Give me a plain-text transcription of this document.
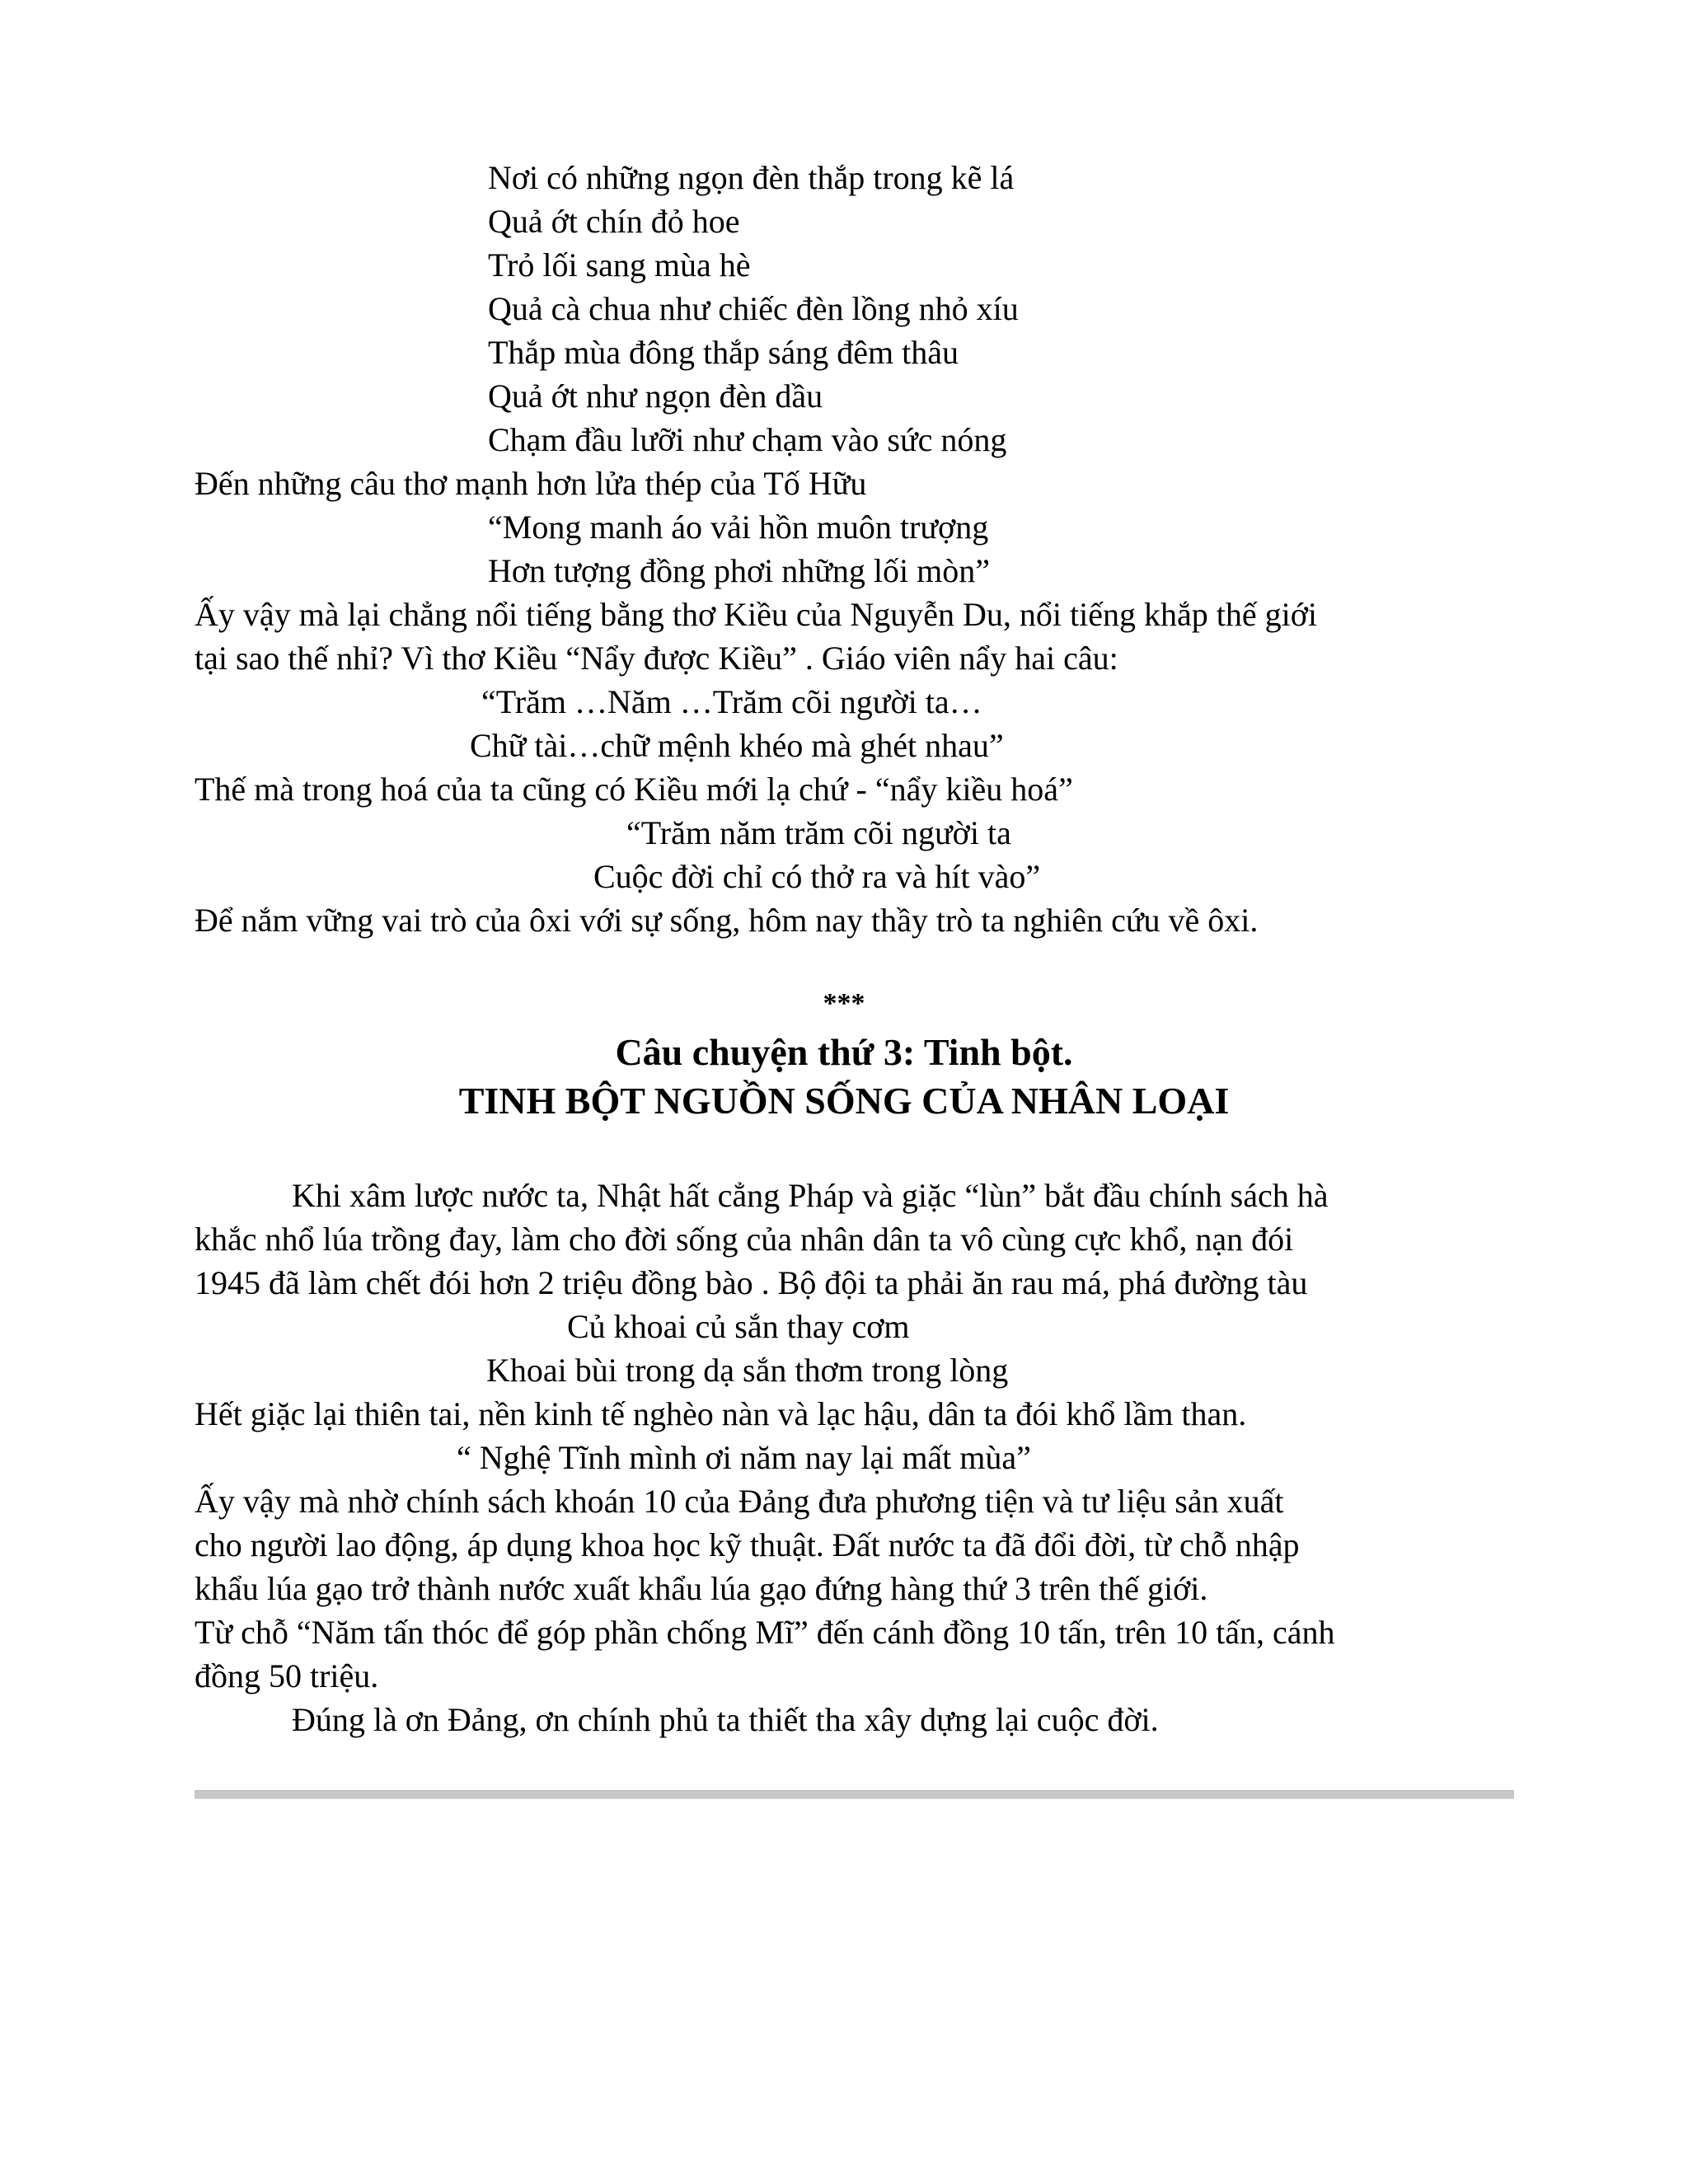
Nơi có những ngọn đèn thắp trong kẽ lá
Quả ớt chín đỏ hoe
Trỏ lối sang mùa hè
Quả cà chua như chiếc đèn lồng nhỏ xíu
Thắp mùa đông thắp sáng đêm thâu
Quả ớt như ngọn đèn dầu
Chạm đầu lưỡi như chạm vào sức nóng
Đến những câu thơ mạnh hơn lửa thép của Tố Hữu
“Mong manh áo vải hồn muôn trượng
Hơn tượng đồng phơi những lối mòn”
Ấy vậy mà lại chẳng nổi tiếng bằng thơ Kiều của Nguyễn Du, nổi tiếng khắp thế giới
tại sao thế nhỉ? Vì thơ Kiều “Nẩy được Kiều” . Giáo viên nẩy hai câu:
“Trăm …Năm …Trăm cõi người ta…
Chữ tài…chữ mệnh khéo mà ghét nhau”
Thế mà trong hoá của ta cũng có Kiều mới lạ chứ - “nẩy kiều hoá”
“Trăm năm trăm cõi người ta
Cuộc đời chỉ có thở ra và hít vào”
Để nắm vững vai trò của ôxi với sự sống, hôm nay thầy trò ta nghiên cứu về ôxi.
***
Câu chuyện thứ 3: Tinh bột.
TINH BỘT NGUỒN SỐNG CỦA NHÂN LOẠI
Khi xâm lược nước ta, Nhật hất cẳng Pháp và giặc “lùn” bắt đầu chính sách hà
khắc nhổ lúa trồng đay, làm cho đời sống của nhân dân ta vô cùng cực khổ, nạn đói
1945 đã làm chết đói hơn 2 triệu đồng bào . Bộ đội ta phải ăn rau má, phá đường tàu
Củ khoai củ sắn thay cơm
Khoai bùi trong dạ sắn thơm trong lòng
Hết giặc lại thiên tai, nền kinh tế nghèo nàn và lạc hậu, dân ta đói khổ lầm than.
“ Nghệ Tĩnh mình ơi năm nay lại mất mùa”
Ấy vậy mà nhờ chính sách khoán 10 của Đảng đưa phương tiện và tư liệu sản xuất
cho người lao động, áp dụng khoa học kỹ thuật. Đất nước ta đã đổi đời, từ chỗ nhập
khẩu lúa gạo trở thành nước xuất khẩu lúa gạo đứng hàng thứ 3 trên thế giới.
Từ chỗ “Năm tấn thóc để góp phần chống Mĩ” đến cánh đồng 10 tấn, trên 10 tấn, cánh
đồng 50 triệu.
Đúng là ơn Đảng, ơn chính phủ ta thiết tha xây dựng lại cuộc đời.
